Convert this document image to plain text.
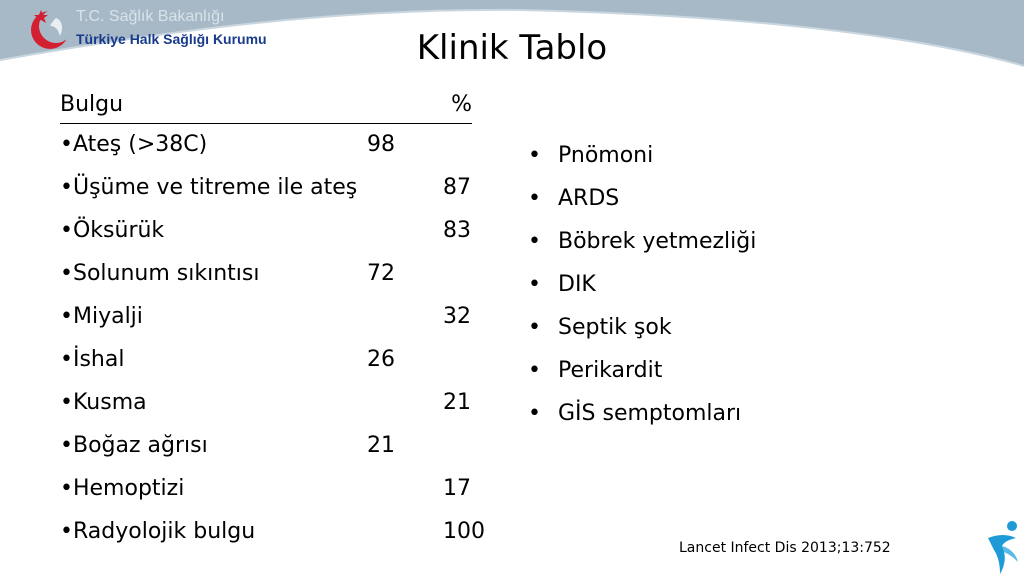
T.C. Sağlık Bakanlığı
Türkiye Halk Sağlığı Kurumu	Klinik Tablo
Bulgu	%
•Ateş (>38C)	98
•Üşüme ve titreme ile ateş	87
•Öksürük	83
•Solunum sıkıntısı	72
•Miyalji	32
•İshal	26
•Kusma	21
•Boğaz ağrısı	21
•Hemoptizi	17
•Radyolojik bulgu	100
• Pnömoni
• ARDS
• Böbrek yetmezliği
• DIK
• Septik şok
• Perikardit
• GİS semptomları
Lancet Infect Dis 2013;13:752
